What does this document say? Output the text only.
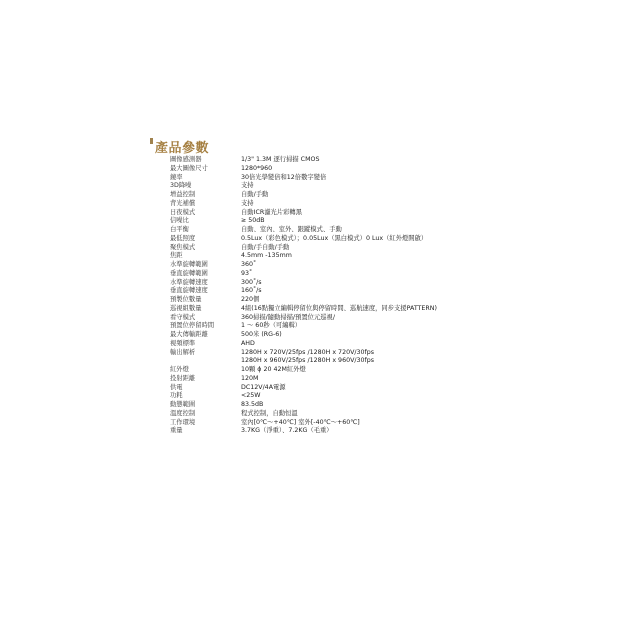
產品參數
圖像感測器	1/3" 1.3M 逐行掃描 CMOS
最大圖像尺寸	1280*960
鏡率	30倍光學變倍和12倍數字變倍
3D降噪	支持
增益控制	自動/手動
背光補償	支持
日夜模式	自動ICR濾光片彩轉黑
信噪比	≥ 50dB
白平衡	自動、室內、室外、跟蹤模式、手動
最低照度	0.5Lux（彩色模式）；0.05Lux（黑白模式）0 Lux（紅外燈開啟）
聚焦模式	自動/手自動/手動
焦距	4.5mm -135mm
水準旋轉範圍	360˚
垂直旋轉範圍	93˚
水準旋轉速度	300˚/s
垂直旋轉速度	160˚/s
預製位數量	220個
巡視組數量	4組(16點獨立編輯停留位與停留時間、巡航速度，同步支援PATTERN)
看守模式	360掃描/隨動掃描/預置位元巡視/
預置位停留時間	1 ～ 60秒（可編輯）
最大傳輸距離	500米 (RG-6)
視頻標準	AHD
輸出解析	1280H x 720V/25fps /1280H x 720V/30fps
	1280H x 960V/25fps /1280H x 960V/30fps
紅外燈	10顆 ϕ 20 42M紅外燈
投射距離	120M
供電	DC12V/4A電源
功耗	<25W
動態範圍	83.5dB
溫度控制	程式控制，自動恒溫
工作環境	室內[0℃～+40℃] 室外[-40℃～+60℃]
重量	3.7KG（淨重）、7.2KG（毛重）
